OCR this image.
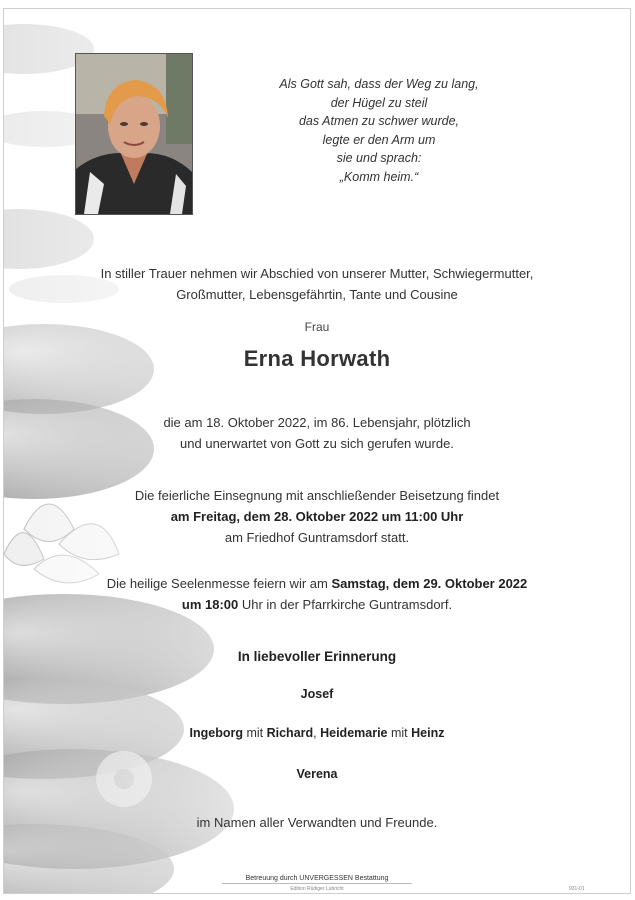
Als Gott sah, dass der Weg zu lang,
der Hügel zu steil
das Atmen zu schwer wurde,
legte er den Arm um
sie und sprach:
„Komm heim.“
In stiller Trauer nehmen wir Abschied von unserer Mutter, Schwiegermutter,
Großmutter, Lebensgefährtin, Tante und Cousine
Frau
Erna Horwath
die am 18. Oktober 2022, im 86. Lebensjahr, plötzlich
und unerwartet von Gott zu sich gerufen wurde.
Die feierliche Einsegnung mit anschließender Beisetzung findet
am Freitag, dem 28. Oktober 2022 um 11:00 Uhr
am Friedhof Guntramsdorf statt.
Die heilige Seelenmesse feiern wir am Samstag, dem 29. Oktober 2022
um 18:00 Uhr in der Pfarrkirche Guntramsdorf.
In liebevoller Erinnerung
Josef
Ingeborg mit Richard, Heidemarie mit Heinz
Verena
im Namen aller Verwandten und Freunde.
Betreuung durch UNVERGESSEN Bestattung
Edition Rüdiger Lubricht	931-01
